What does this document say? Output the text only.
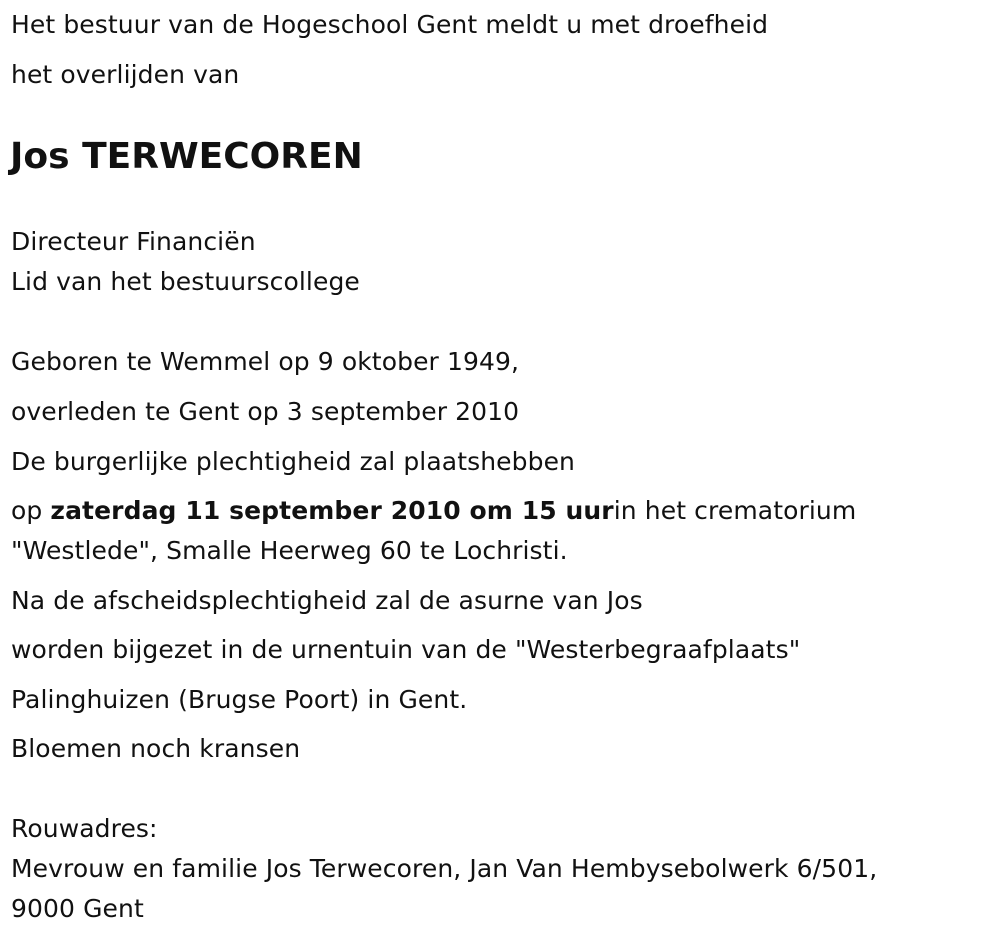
Het bestuur van de Hogeschool Gent meldt u met droefheid

het overlijden van

Jos TERWECOREN

Directeur Financiën

Lid van het bestuurscollege

Geboren te Wemmel op 9 oktober 1949,

overleden te Gent op 3 september 2010

De burgerlijke plechtigheid zal plaatshebben

op zaterdag 11 september 2010 om 15 uurin het crematorium

"Westlede", Smalle Heerweg 60 te Lochristi.

Na de afscheidsplechtigheid zal de asurne van Jos

worden bijgezet in de urnentuin van de "Westerbegraafplaats"

Palinghuizen (Brugse Poort) in Gent.

Bloemen noch kransen

Rouwadres:

Mevrouw en familie Jos Terwecoren, Jan Van Hembysebolwerk 6/501,

9000 Gent
